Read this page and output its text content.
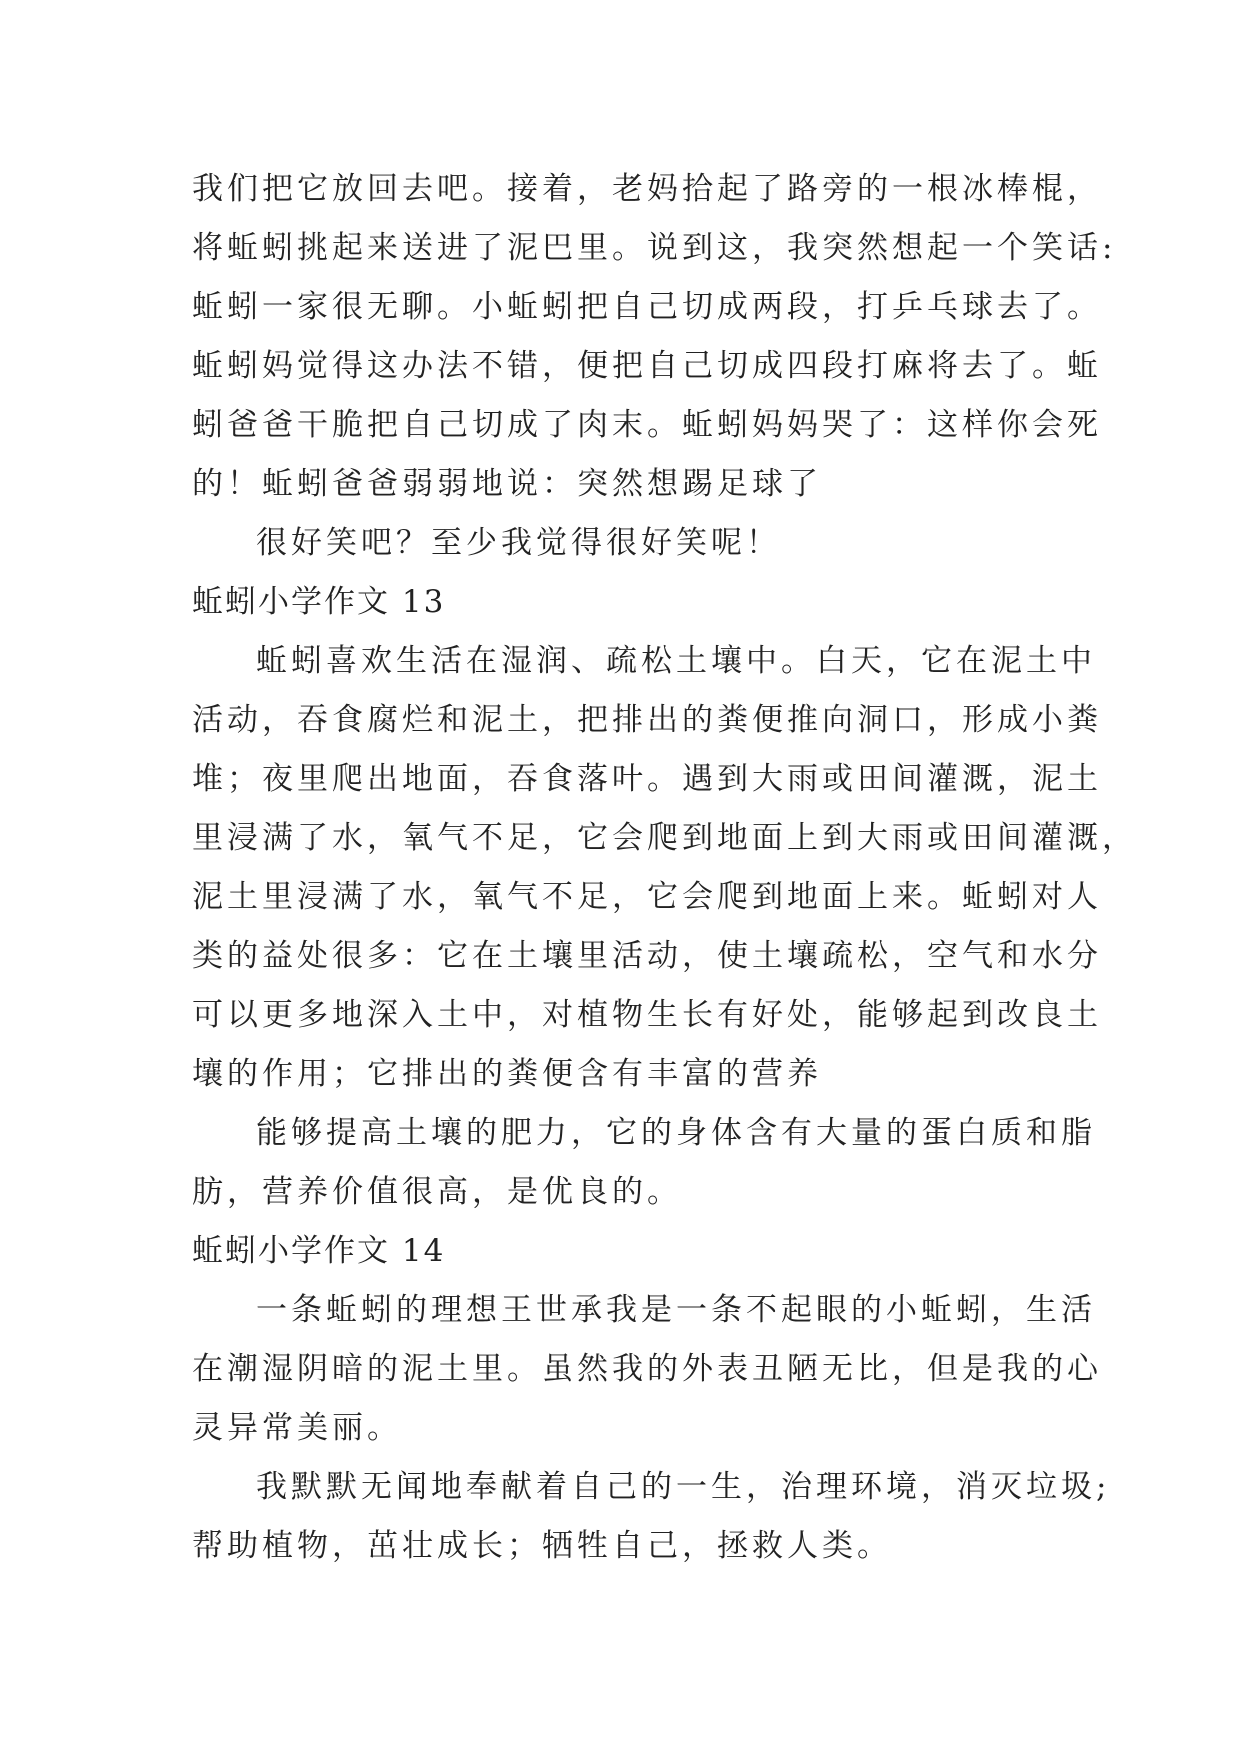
我们把它放回去吧。接着，老妈拾起了路旁的一根冰棒棍，
将蚯蚓挑起来送进了泥巴里。说到这，我突然想起一个笑话:
蚯蚓一家很无聊。小蚯蚓把自己切成两段，打乒乓球去了。
蚯蚓妈觉得这办法不错，便把自己切成四段打麻将去了。蚯
蚓爸爸干脆把自己切成了肉末。蚯蚓妈妈哭了：这样你会死
的！蚯蚓爸爸弱弱地说：突然想踢足球了
很好笑吧？至少我觉得很好笑呢！
蚯蚓小学作文 13
蚯蚓喜欢生活在湿润、疏松土壤中。白天，它在泥土中
活动，吞食腐烂和泥土，把排出的粪便推向洞口，形成小粪
堆；夜里爬出地面，吞食落叶。遇到大雨或田间灌溉，泥土
里浸满了水，氧气不足，它会爬到地面上到大雨或田间灌溉，
泥土里浸满了水，氧气不足，它会爬到地面上来。蚯蚓对人
类的益处很多：它在土壤里活动，使土壤疏松，空气和水分
可以更多地深入土中，对植物生长有好处，能够起到改良土
壤的作用；它排出的粪便含有丰富的营养
能够提高土壤的肥力，它的身体含有大量的蛋白质和脂
肪，营养价值很高，是优良的。
蚯蚓小学作文 14
一条蚯蚓的理想王世承我是一条不起眼的小蚯蚓，生活
在潮湿阴暗的泥土里。虽然我的外表丑陋无比，但是我的心
灵异常美丽。
我默默无闻地奉献着自己的一生，治理环境，消灭垃圾;
帮助植物，茁壮成长；牺牲自己，拯救人类。
